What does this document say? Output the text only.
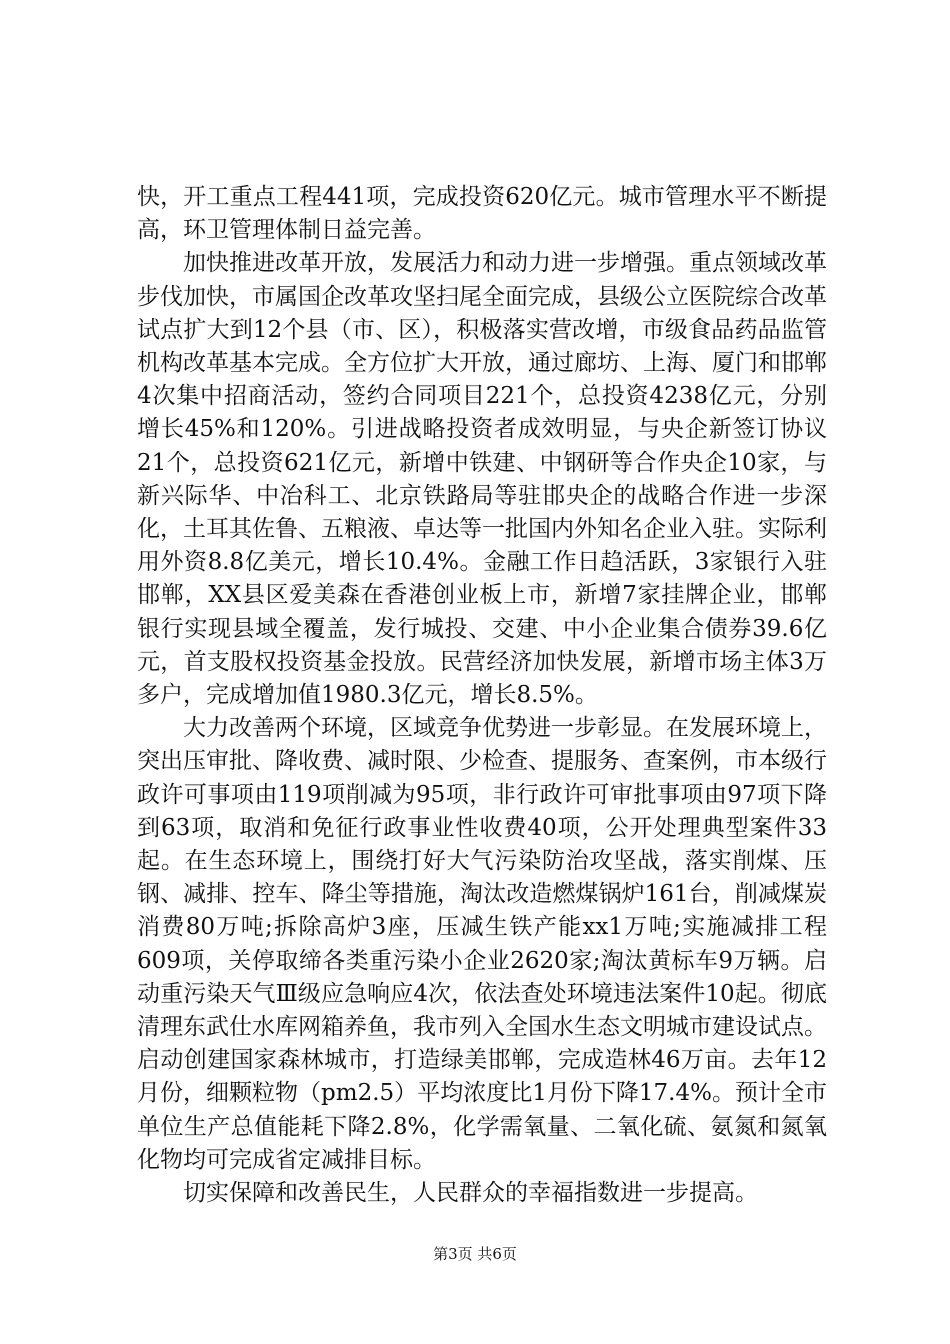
快，开工重点工程441项，完成投资620亿元。城市管理水平不断提高，环卫管理体制日益完善。

加快推进改革开放，发展活力和动力进一步增强。重点领域改革步伐加快，市属国企改革攻坚扫尾全面完成，县级公立医院综合改革试点扩大到12个县（市、区），积极落实营改增，市级食品药品监管机构改革基本完成。全方位扩大开放，通过廊坊、上海、厦门和邯郸4次集中招商活动，签约合同项目221个，总投资4238亿元，分别增长45%和120%。引进战略投资者成效明显，与央企新签订协议21个，总投资621亿元，新增中铁建、中钢研等合作央企10家，与新兴际华、中冶科工、北京铁路局等驻邯央企的战略合作进一步深化，土耳其佐鲁、五粮液、卓达等一批国内外知名企业入驻。实际利用外资8.8亿美元，增长10.4%。金融工作日趋活跃，3家银行入驻邯郸，XX县区爱美森在香港创业板上市，新增7家挂牌企业，邯郸银行实现县域全覆盖，发行城投、交建、中小企业集合债券39.6亿元，首支股权投资基金投放。民营经济加快发展，新增市场主体3万多户，完成增加值1980.3亿元，增长8.5%。

大力改善两个环境，区域竞争优势进一步彰显。在发展环境上，突出压审批、降收费、减时限、少检查、提服务、查案例，市本级行政许可事项由119项削减为95项，非行政许可审批事项由97项下降到63项，取消和免征行政事业性收费40项，公开处理典型案件33起。在生态环境上，围绕打好大气污染防治攻坚战，落实削煤、压钢、减排、控车、降尘等措施，淘汰改造燃煤锅炉161台，削减煤炭消费80万吨;拆除高炉3座，压减生铁产能xx1万吨;实施减排工程609项，关停取缔各类重污染小企业2620家;淘汰黄标车9万辆。启动重污染天气Ⅲ级应急响应4次，依法查处环境违法案件10起。彻底清理东武仕水库网箱养鱼，我市列入全国水生态文明城市建设试点。启动创建国家森林城市，打造绿美邯郸，完成造林46万亩。去年12月份，细颗粒物（pm2.5）平均浓度比1月份下降17.4%。预计全市单位生产总值能耗下降2.8%，化学需氧量、二氧化硫、氨氮和氮氧化物均可完成省定减排目标。

切实保障和改善民生，人民群众的幸福指数进一步提高。

第3页 共6页
